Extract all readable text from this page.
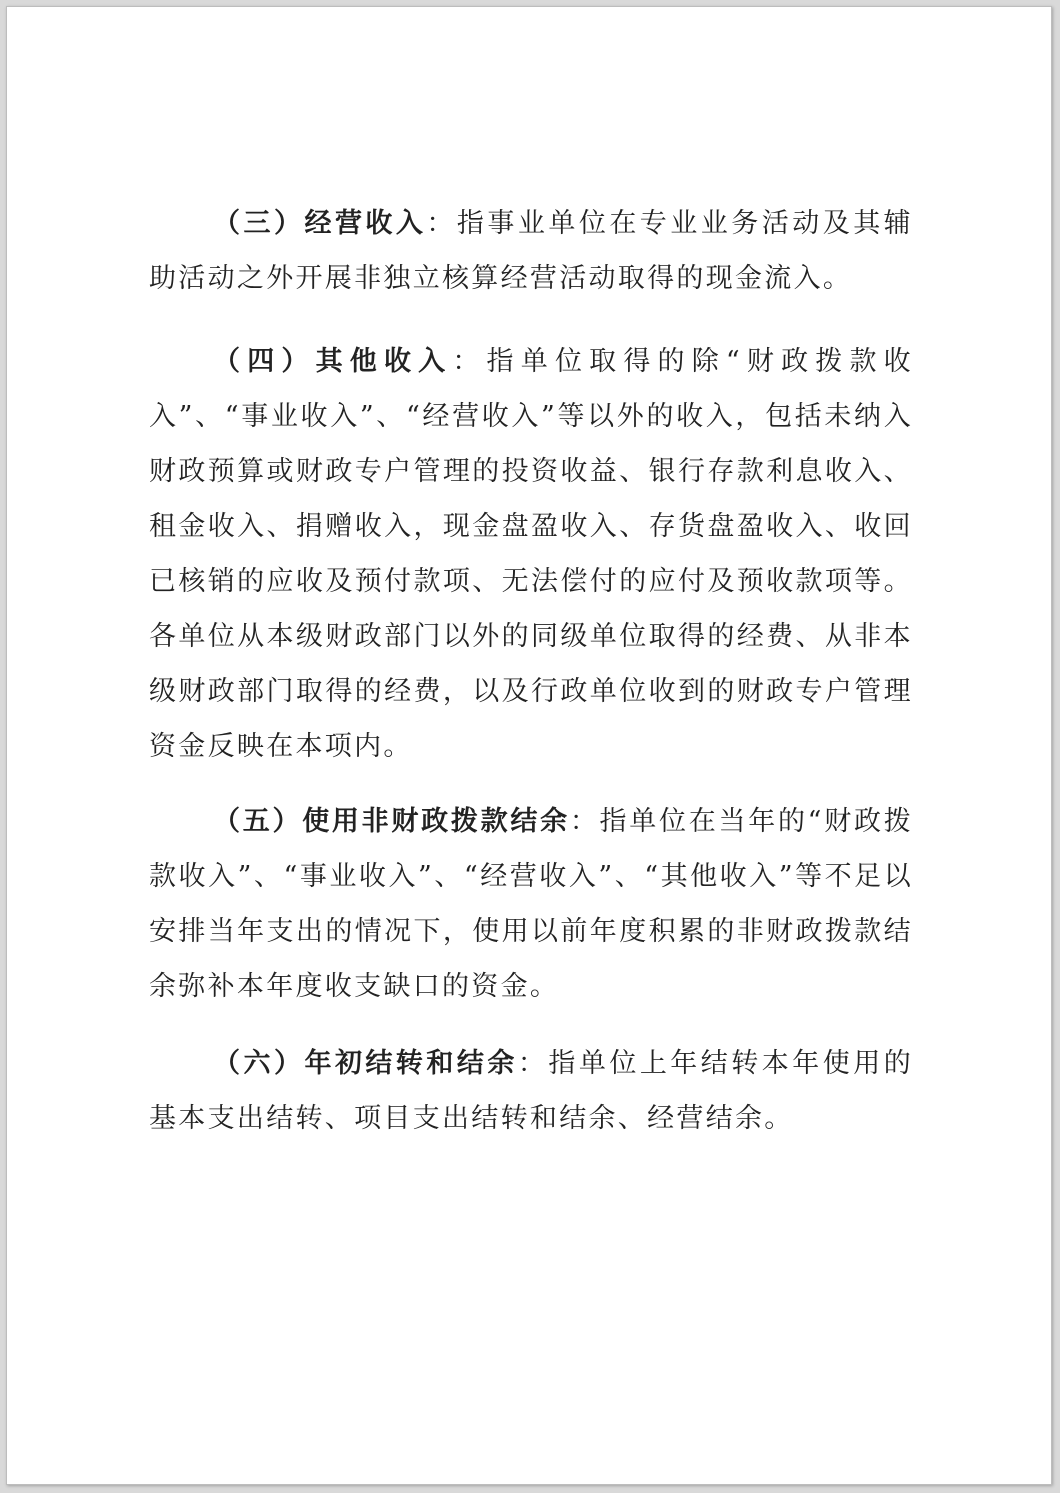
（三）经营收入：指事业单位在专业业务活动及其辅助活动之外开展非独立核算经营活动取得的现金流入。

（四）其他收入：指单位取得的除“财政拨款收入”、“事业收入”、“经营收入”等以外的收入，包括未纳入财政预算或财政专户管理的投资收益、银行存款利息收入、租金收入、捐赠收入，现金盘盈收入、存货盘盈收入、收回已核销的应收及预付款项、无法偿付的应付及预收款项等。各单位从本级财政部门以外的同级单位取得的经费、从非本级财政部门取得的经费，以及行政单位收到的财政专户管理资金反映在本项内。

（五）使用非财政拨款结余：指单位在当年的“财政拨款收入”、“事业收入”、“经营收入”、“其他收入”等不足以安排当年支出的情况下，使用以前年度积累的非财政拨款结余弥补本年度收支缺口的资金。

（六）年初结转和结余：指单位上年结转本年使用的基本支出结转、项目支出结转和结余、经营结余。
